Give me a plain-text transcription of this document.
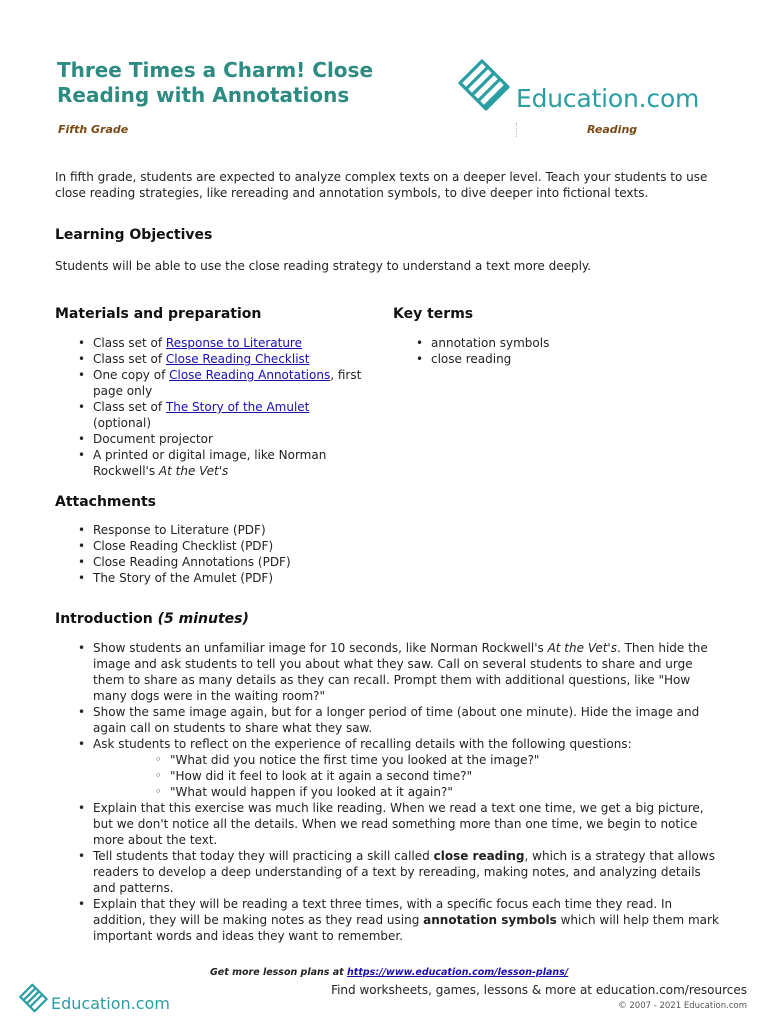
Three Times a Charm! Close
Reading with Annotations	Education.com
Fifth Grade	Reading

In fifth grade, students are expected to analyze complex texts on a deeper level. Teach your students to use close reading strategies, like rereading and annotation symbols, to dive deeper into fictional texts.

Learning Objectives

Students will be able to use the close reading strategy to understand a text more deeply.

Materials and preparation
• Class set of Response to Literature
• Class set of Close Reading Checklist
• One copy of Close Reading Annotations, first page only
• Class set of The Story of the Amulet (optional)
• Document projector
• A printed or digital image, like Norman Rockwell's At the Vet's
Key terms
• annotation symbols
• close reading
Attachments
• Response to Literature (PDF)
• Close Reading Checklist (PDF)
• Close Reading Annotations (PDF)
• The Story of the Amulet (PDF)
Introduction (5 minutes)
• Show students an unfamiliar image for 10 seconds, like Norman Rockwell's At the Vet's. Then hide the image and ask students to tell you about what they saw. Call on several students to share and urge them to share as many details as they can recall. Prompt them with additional questions, like "How many dogs were in the waiting room?"
• Show the same image again, but for a longer period of time (about one minute). Hide the image and again call on students to share what they saw.
• Ask students to reflect on the experience of recalling details with the following questions:
◦ "What did you notice the first time you looked at the image?"
◦ "How did it feel to look at it again a second time?"
◦ "What would happen if you looked at it again?"
• Explain that this exercise was much like reading. When we read a text one time, we get a big picture, but we don't notice all the details. When we read something more than one time, we begin to notice more about the text.
• Tell students that today they will practicing a skill called close reading, which is a strategy that allows readers to develop a deep understanding of a text by rereading, making notes, and analyzing details and patterns.
• Explain that they will be reading a text three times, with a specific focus each time they read. In addition, they will be making notes as they read using annotation symbols which will help them mark important words and ideas they want to remember.
Get more lesson plans at https://www.education.com/lesson-plans/
Education.com
Find worksheets, games, lessons & more at education.com/resources
© 2007 - 2021 Education.com
